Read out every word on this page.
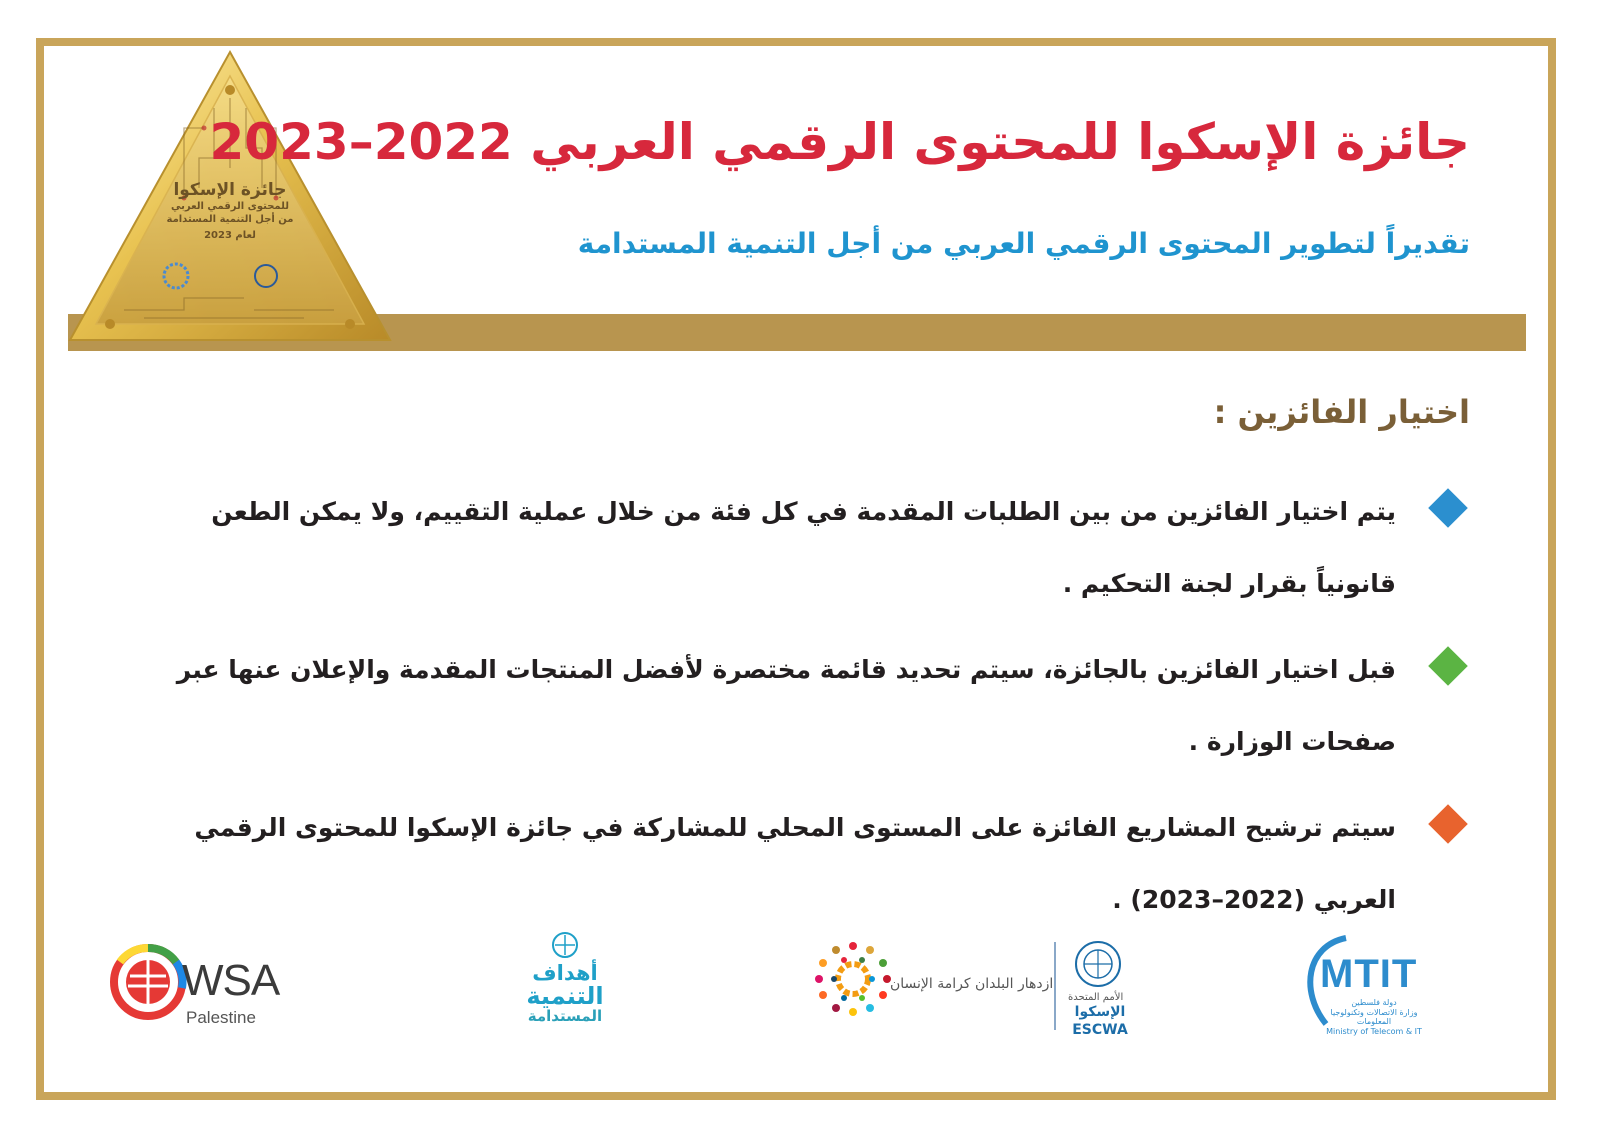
جائزة الإسكوا
للمحتوى الرقمي العربي
من أجل التنمية المستدامة
لعام 2023
جائزة الإسكوا للمحتوى الرقمي العربي 2022–2023
تقديراً لتطوير المحتوى الرقمي العربي من أجل التنمية المستدامة
اختيار الفائزين :
يتم اختيار الفائزين من بين الطلبات المقدمة في كل فئة من خلال عملية التقييم، ولا يمكن الطعن قانونياً بقرار لجنة التحكيم .
قبل اختيار الفائزين بالجائزة، سيتم تحديد قائمة مختصرة لأفضل المنتجات المقدمة والإعلان عنها عبر صفحات الوزارة .
سيتم ترشيح المشاريع الفائزة على المستوى المحلي للمشاركة في جائزة الإسكوا للمحتوى الرقمي العربي (2022–2023) .
WSA
Palestine
أهداف
التنمية
المستدامة
ازدهار البلدان كرامة الإنسان
الأمم المتحدة
الإسكوا
ESCWA
MTIT
دولة فلسطين
وزارة الاتصالات وتكنولوجيا المعلومات
Ministry of Telecom & IT
